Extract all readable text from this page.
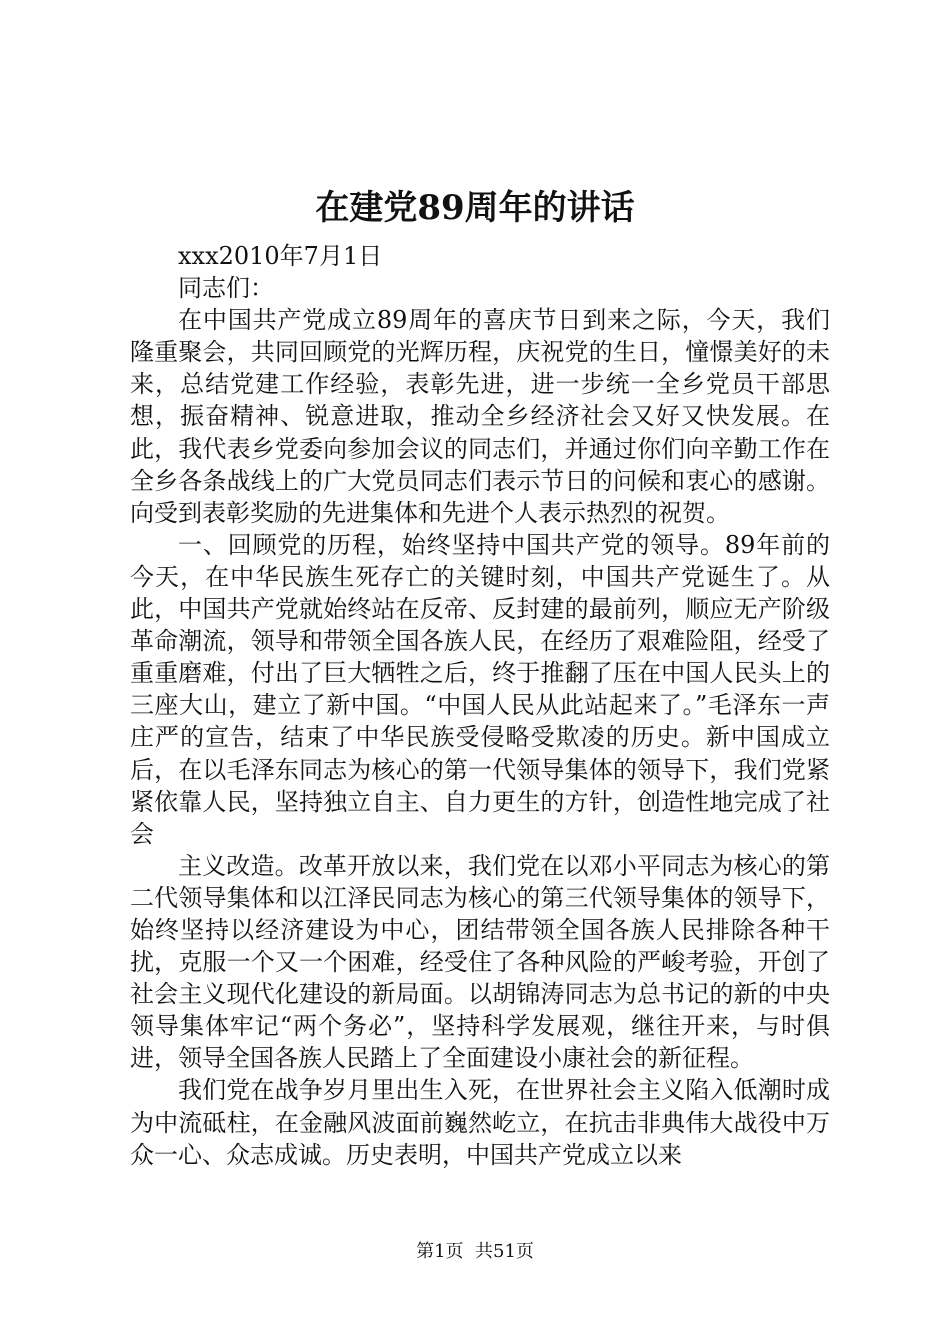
在建党89周年的讲话

xxx2010年7月1日

同志们：

在中国共产党成立89周年的喜庆节日到来之际，今天，我们隆重聚会，共同回顾党的光辉历程，庆祝党的生日，憧憬美好的未来，总结党建工作经验，表彰先进，进一步统一全乡党员干部思想，振奋精神、锐意进取，推动全乡经济社会又好又快发展。在此，我代表乡党委向参加会议的同志们，并通过你们向辛勤工作在全乡各条战线上的广大党员同志们表示节日的问候和衷心的感谢。向受到表彰奖励的先进集体和先进个人表示热烈的祝贺。

一、回顾党的历程，始终坚持中国共产党的领导。89年前的今天，在中华民族生死存亡的关键时刻，中国共产党诞生了。从此，中国共产党就始终站在反帝、反封建的最前列，顺应无产阶级革命潮流，领导和带领全国各族人民，在经历了艰难险阻，经受了重重磨难，付出了巨大牺牲之后，终于推翻了压在中国人民头上的三座大山，建立了新中国。“中国人民从此站起来了。”毛泽东一声庄严的宣告，结束了中华民族受侵略受欺凌的历史。新中国成立后，在以毛泽东同志为核心的第一代领导集体的领导下，我们党紧紧依靠人民，坚持独立自主、自力更生的方针，创造性地完成了社会

主义改造。改革开放以来，我们党在以邓小平同志为核心的第二代领导集体和以江泽民同志为核心的第三代领导集体的领导下，始终坚持以经济建设为中心，团结带领全国各族人民排除各种干扰，克服一个又一个困难，经受住了各种风险的严峻考验，开创了社会主义现代化建设的新局面。以胡锦涛同志为总书记的新的中央领导集体牢记“两个务必”，坚持科学发展观，继往开来，与时俱进，领导全国各族人民踏上了全面建设小康社会的新征程。

我们党在战争岁月里出生入死，在世界社会主义陷入低潮时成为中流砥柱，在金融风波面前巍然屹立，在抗击非典伟大战役中万众一心、众志成诚。历史表明，中国共产党成立以来

第1页  共51页
